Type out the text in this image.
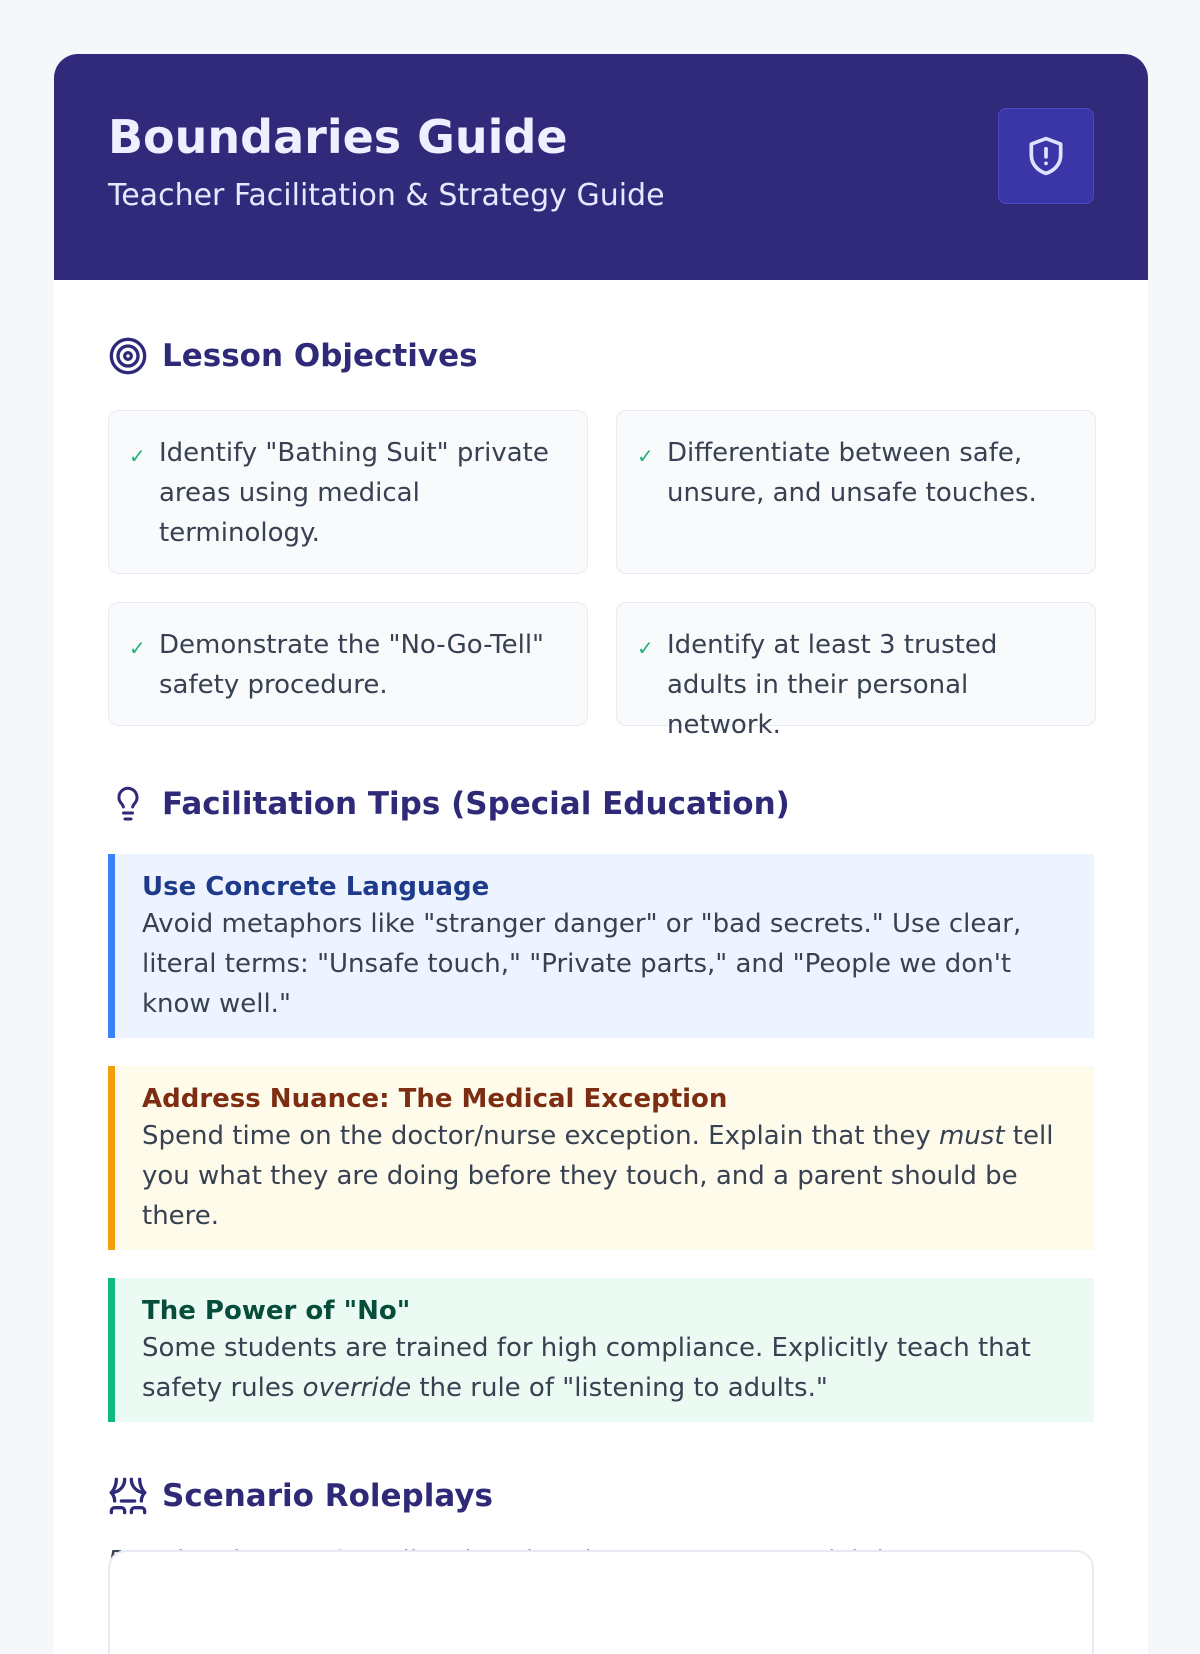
Boundaries Guide
Teacher Facilitation & Strategy Guide
Lesson Objectives
✓ Identify "Bathing Suit" private areas using medical terminology.
✓ Differentiate between safe, unsure, and unsafe touches.
✓ Demonstrate the "No-Go-Tell" safety procedure.
✓ Identify at least 3 trusted adults in their personal network.
Facilitation Tips (Special Education)
Use Concrete Language
Avoid metaphors like "stranger danger" or "bad secrets." Use clear, literal terms: "Unsafe touch," "Private parts," and "People we don't know well."
Address Nuance: The Medical Exception
Spend time on the doctor/nurse exception. Explain that they must tell you what they are doing before they touch, and a parent should be there.
The Power of "No"
Some students are trained for high compliance. Explicitly teach that safety rules override the rule of "listening to adults."
Scenario Roleplays
